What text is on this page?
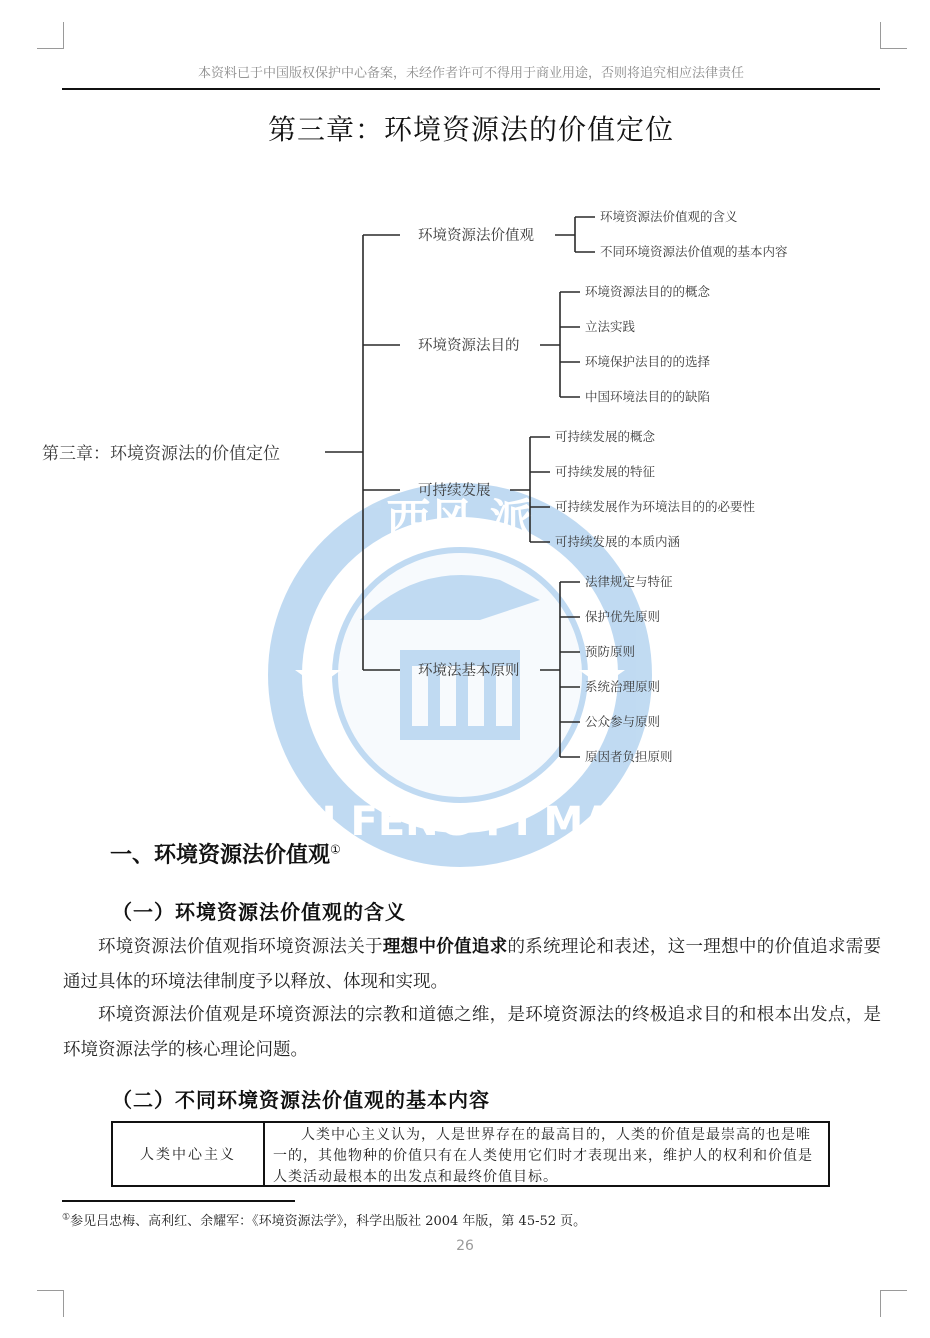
本资料已于中国版权保护中心备案，未经作者许可不得用于商业用途，否则将追究相应法律责任
第三章：环境资源法的价值定位
西风 派
XI FENG PI MAI
第三章：环境资源法的价值定位
环境资源法价值观
环境资源法目的
可持续发展
环境法基本原则
环境资源法价值观的含义
不同环境资源法价值观的基本内容
环境资源法目的的概念
立法实践
环境保护法目的的选择
中国环境法目的的缺陷
可持续发展的概念
可持续发展的特征
可持续发展作为环境法目的的必要性
可持续发展的本质内涵
法律规定与特征
保护优先原则
预防原则
系统治理原则
公众参与原则
原因者负担原则
一、环境资源法价值观①
（一）环境资源法价值观的含义
环境资源法价值观指环境资源法关于理想中价值追求的系统理论和表述，这一理想中的价值追求需要通过具体的环境法律制度予以释放、体现和实现。
环境资源法价值观是环境资源法的宗教和道德之维，是环境资源法的终极追求目的和根本出发点，是环境资源法学的核心理论问题。
（二）不同环境资源法价值观的基本内容
人类中心主义
人类中心主义认为，人是世界存在的最高目的，人类的价值是最崇高的也是唯一的，其他物种的价值只有在人类使用它们时才表现出来，维护人的权利和价值是人类活动最根本的出发点和最终价值目标。
①参见吕忠梅、高利红、余耀军：《环境资源法学》，科学出版社 2004 年版，第 45-52 页。
26
